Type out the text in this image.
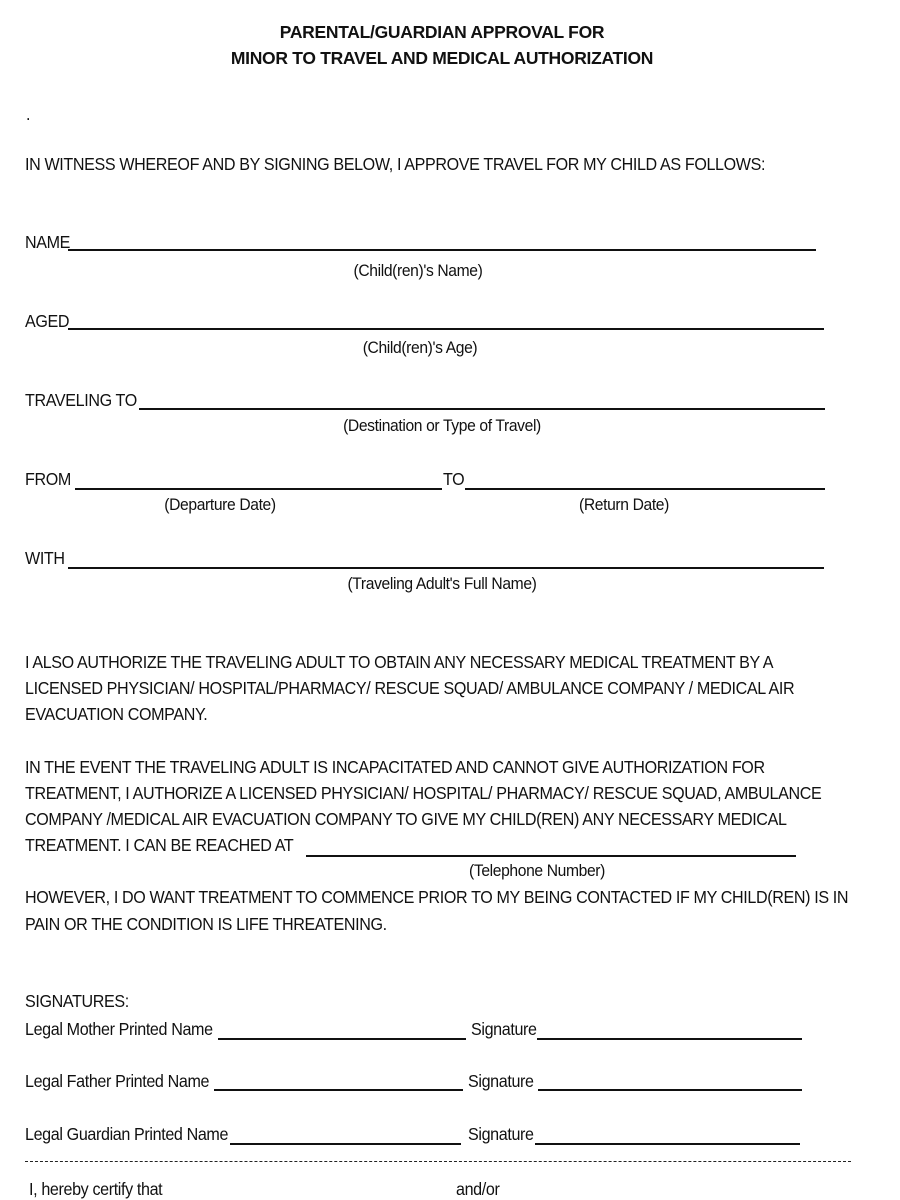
PARENTAL/GUARDIAN APPROVAL FOR
MINOR TO TRAVEL AND MEDICAL AUTHORIZATION
.
IN WITNESS WHEREOF AND BY SIGNING BELOW, I APPROVE TRAVEL FOR MY CHILD AS FOLLOWS:
NAME
(Child(ren)'s Name)
AGED
(Child(ren)'s Age)
TRAVELING TO
(Destination or Type of Travel)
FROM	TO
(Departure Date)	(Return Date)
WITH
(Traveling Adult's Full Name)
I ALSO AUTHORIZE THE TRAVELING ADULT TO OBTAIN ANY NECESSARY MEDICAL TREATMENT BY A
LICENSED PHYSICIAN/ HOSPITAL/PHARMACY/ RESCUE SQUAD/ AMBULANCE COMPANY / MEDICAL AIR
EVACUATION COMPANY.
IN THE EVENT THE TRAVELING ADULT IS INCAPACITATED AND CANNOT GIVE AUTHORIZATION FOR
TREATMENT, I AUTHORIZE A LICENSED PHYSICIAN/ HOSPITAL/ PHARMACY/ RESCUE SQUAD, AMBULANCE
COMPANY /MEDICAL AIR EVACUATION COMPANY TO GIVE MY CHILD(REN) ANY NECESSARY MEDICAL
TREATMENT. I CAN BE REACHED AT
(Telephone Number)
HOWEVER, I DO WANT TREATMENT TO COMMENCE PRIOR TO MY BEING CONTACTED IF MY CHILD(REN) IS IN
PAIN OR THE CONDITION IS LIFE THREATENING.
SIGNATURES:
Legal Mother Printed Name	Signature
Legal Father Printed Name	Signature
Legal Guardian Printed Name	Signature
I, hereby certify that	and/or
